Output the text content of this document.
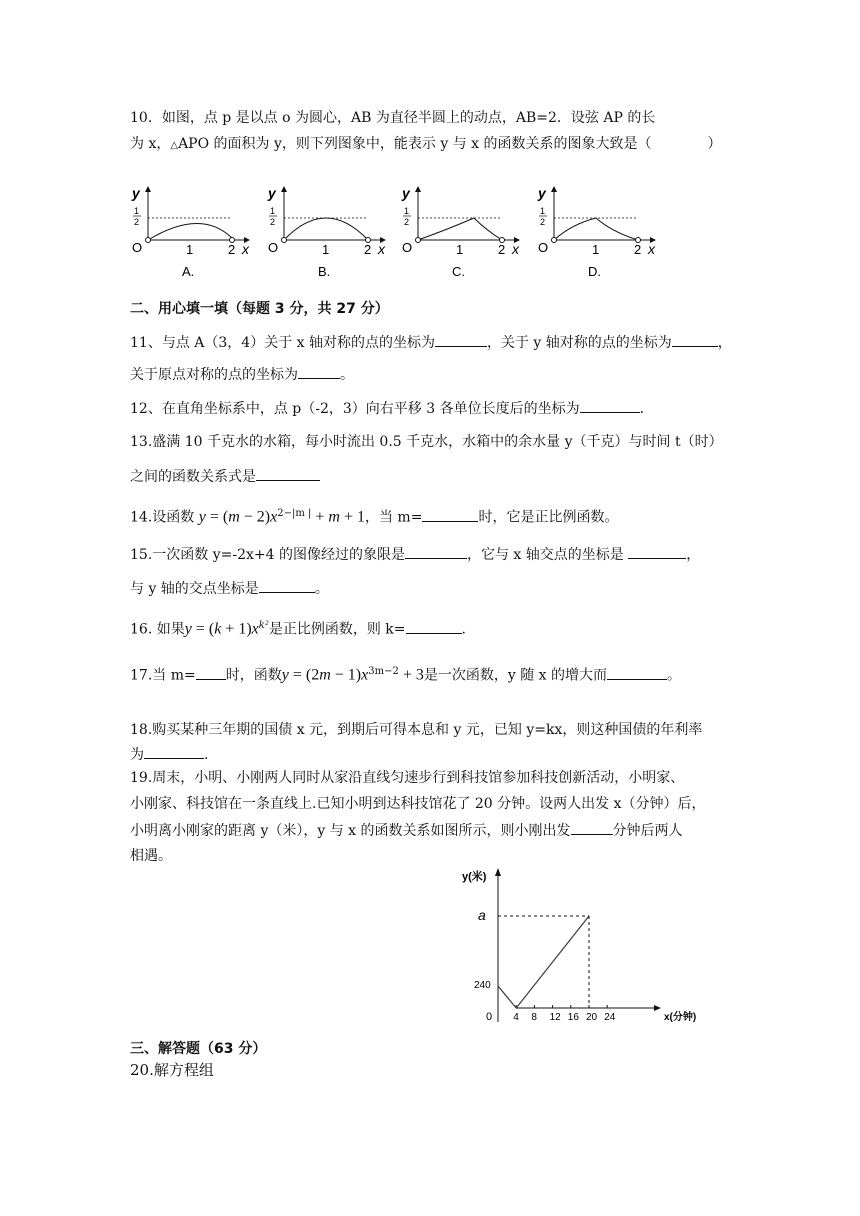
10．如图，点 p 是以点 o 为圆心，AB 为直径半圆上的动点，AB=2．设弦 AP 的长
为 x，△APO 的面积为 y，则下列图象中，能表示 y 与 x 的函数关系的图象大致是（	）
y
1
2
O	1	2 x
A.
y
1
2
O	1	2 x
B.
y
1
2
O	1	2 x
C.
y
1
2
O	1	2 x
D.
二、用心填一填（每题 3 分，共 27 分）
11、与点 A（3，4）关于 x 轴对称的点的坐标为	，关于 y 轴对称的点的坐标为	，
关于原点对称的点的坐标为	。
12、在直角坐标系中，点 p（-2，3）向右平移 3 各单位长度后的坐标为	.
13.盛满 10 千克水的水箱，每小时流出 0.5 千克水，水箱中的余水量 y（千克）与时间 t（时）
之间的函数关系式是
14.设函数 $y = (m - 2)x^{2-|m |} + m + 1$，当 m=	时，它是正比例函数。
15.一次函数 y=-2x+4 的图像经过的象限是	，它与 x 轴交点的坐标是	，
与 y 轴的交点坐标是	。
16. 如果$y = (k + 1)x^{k^2}$是正比例函数，则 k=	.
17.当 m= 时，函数$y = (2m - 1)x^{3m-2} + 3$是一次函数，y 随 x 的增大而	。
18.购买某种三年期的国债 x 元，到期后可得本息和 y 元，已知 y=kx，则这种国债的年利率
为	.
19.周末，小明、小刚两人同时从家沿直线匀速步行到科技馆参加科技创新活动，小明家、
小刚家、科技馆在一条直线上.已知小明到达科技馆花了 20 分钟。设两人出发 x（分钟）后，
小明离小刚家的距离 y（米），y 与 x 的函数关系如图所示，则小刚出发	分钟后两人
相遇。
4 8 12 16 20 24
y(米)
x(分钟)
a
240
0
三、解答题（63 分）
20.解方程组
